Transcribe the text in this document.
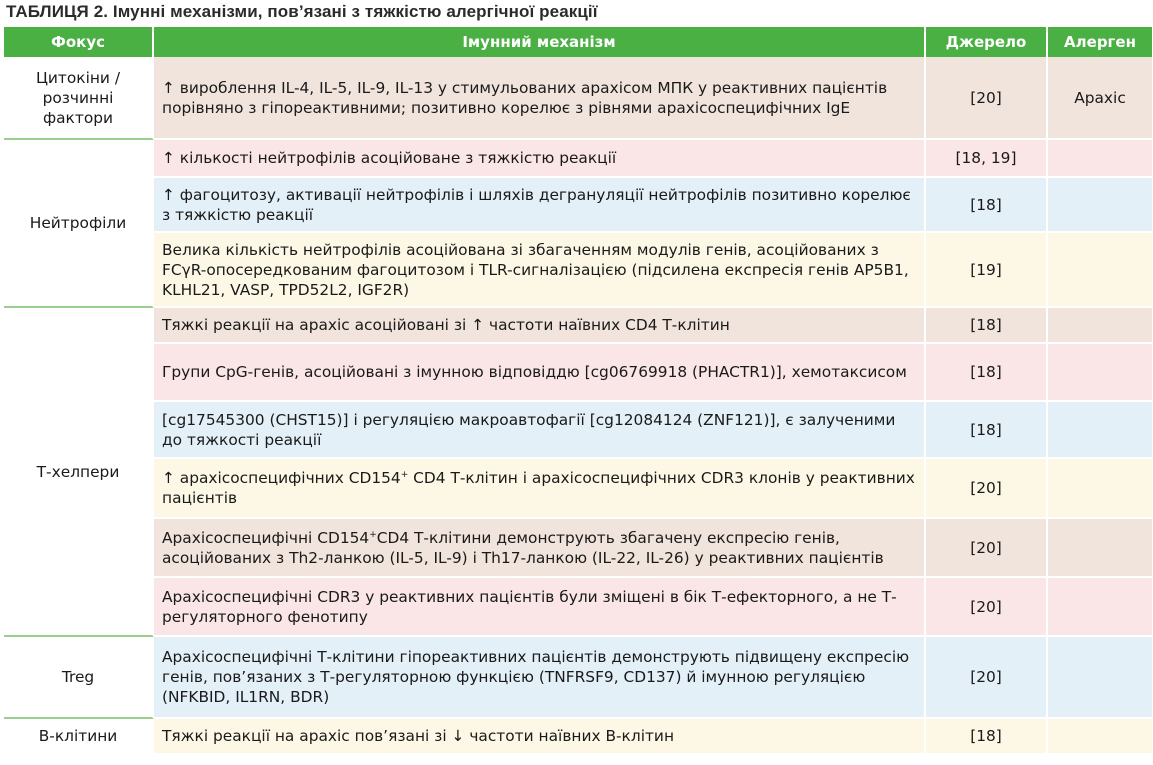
ТАБЛИЦЯ 2. Імунні механізми, пов’язані з тяжкістю алергічної реакції
Фокус	Імунний механізм	Джерело	Алерген
Цитокіни / розчинні фактори	↑ вироблення IL-4, IL-5, IL-9, IL-13 у стимульованих арахісом МПК у реактивних пацієнтів порівняно з гіпореактивними; позитивно корелює з рівнями арахісоспецифічних IgE	[20]	Арахіс
Нейтрофіли	↑ кількості нейтрофілів асоційоване з тяжкістю реакції	[18, 19]	
	↑ фагоцитозу, активації нейтрофілів і шляхів дегрануляції нейтрофілів позитивно корелює з тяжкістю реакції	[18]	
	Велика кількість нейтрофілів асоційована зі збагаченням модулів генів, асоційованих з FCγR-опосередкованим фагоцитозом і TLR-сигналізацією (підсилена експресія генів AP5B1, KLHL21, VASP, TPD52L2, IGF2R)	[19]	
Т-хелпери	Тяжкі реакції на арахіс асоційовані зі ↑ частоти наївних CD4 Т-клітин	[18]	
	Групи CpG-генів, асоційовані з імунною відповіддю [cg06769918 (PHACTR1)], хемотаксисом	[18]	
	[cg17545300 (CHST15)] і регуляцією макроавтофагії [cg12084124 (ZNF121)], є залученими до тяжкості реакції	[18]	
	↑ арахісоспецифічних CD154+ CD4 Т-клітин і арахісоспецифічних CDR3 клонів у реактивних пацієнтів	[20]	
	Арахісоспецифічні CD154+CD4 Т-клітини демонструють збагачену експресію генів, асоційованих з Th2-ланкою (IL-5, IL-9) і Th17-ланкою (IL-22, IL-26) у реактивних пацієнтів	[20]	
	Арахісоспецифічні CDR3 у реактивних пацієнтів були зміщені в бік Т-ефекторного, а не Т-регуляторного фенотипу	[20]	
Treg	Арахісоспецифічні Т-клітини гіпореактивних пацієнтів демонструють підвищену експресію генів, пов’язаних з Т-регуляторною функцією (TNFRSF9, CD137) й імунною регуляцією (NFKBID, IL1RN, BDR)	[20]	
В-клітини	Тяжкі реакції на арахіс пов’язані зі ↓ частоти наївних В-клітин	[18]	
